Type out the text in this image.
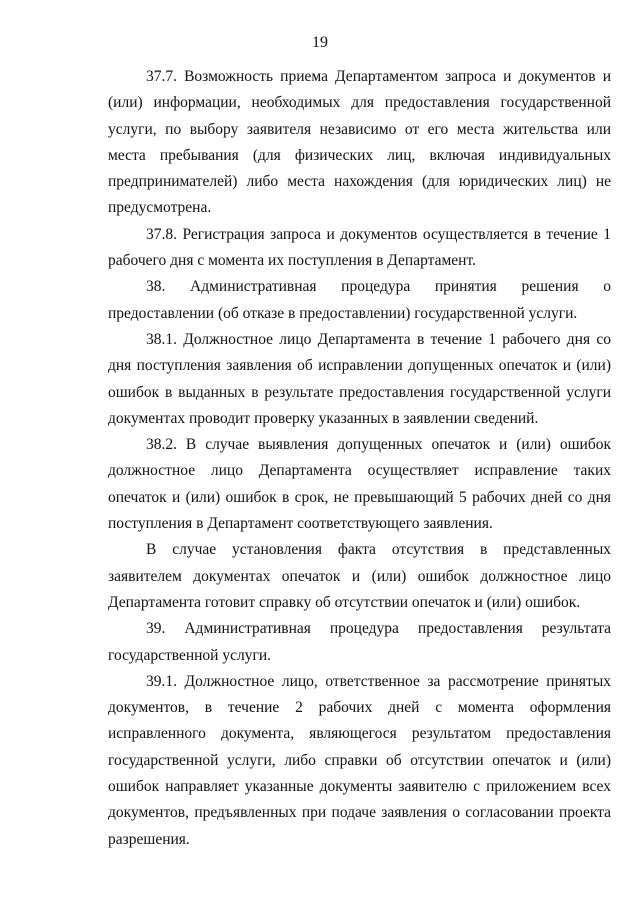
19

37.7. Возможность приема Департаментом запроса и документов и (или) информации, необходимых для предоставления государственной услуги, по выбору заявителя независимо от его места жительства или места пребывания (для физических лиц, включая индивидуальных предпринимателей) либо места нахождения (для юридических лиц) не предусмотрена.

37.8. Регистрация запроса и документов осуществляется в течение 1 рабочего дня с момента их поступления в Департамент.

38. Административная процедура принятия решения о предоставлении (об отказе в предоставлении) государственной услуги.

38.1. Должностное лицо Департамента в течение 1 рабочего дня со дня поступления заявления об исправлении допущенных опечаток и (или) ошибок в выданных в результате предоставления государственной услуги документах проводит проверку указанных в заявлении сведений.

38.2. В случае выявления допущенных опечаток и (или) ошибок должностное лицо Департамента осуществляет исправление таких опечаток и (или) ошибок в срок, не превышающий 5 рабочих дней со дня поступления в Департамент соответствующего заявления.

В случае установления факта отсутствия в представленных заявителем документах опечаток и (или) ошибок должностное лицо Департамента готовит справку об отсутствии опечаток и (или) ошибок.

39. Административная процедура предоставления результата государственной услуги.

39.1. Должностное лицо, ответственное за рассмотрение принятых документов, в течение 2 рабочих дней с момента оформления исправленного документа, являющегося результатом предоставления государственной услуги, либо справки об отсутствии опечаток и (или) ошибок направляет указанные документы заявителю с приложением всех документов, предъявленных при подаче заявления о согласовании проекта разрешения.
